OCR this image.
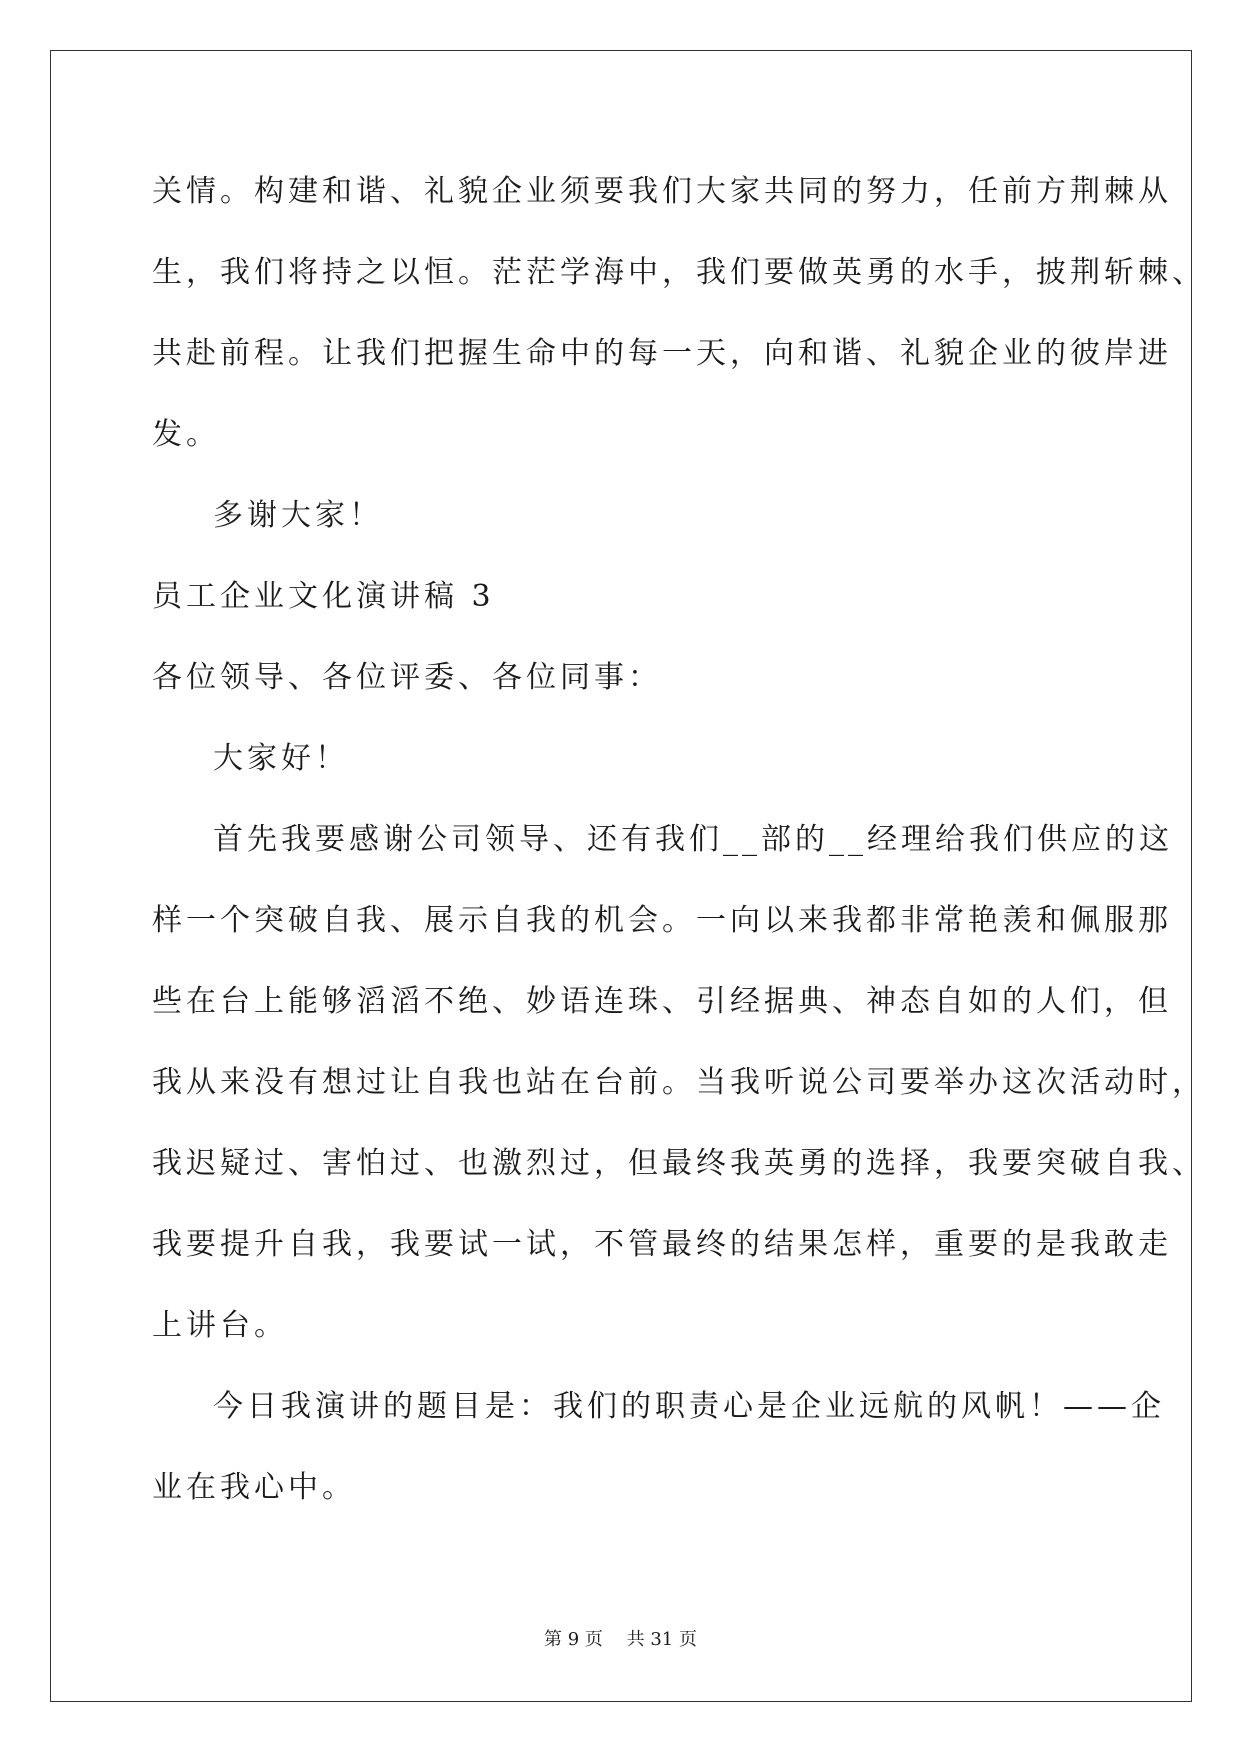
关情。构建和谐、礼貌企业须要我们大家共同的努力，任前方荆棘从
生，我们将持之以恒。茫茫学海中，我们要做英勇的水手，披荆斩棘、
共赴前程。让我们把握生命中的每一天，向和谐、礼貌企业的彼岸进
发。
多谢大家！
员工企业文化演讲稿 3
各位领导、各位评委、各位同事：
大家好！
首先我要感谢公司领导、还有我们__部的__经理给我们供应的这
样一个突破自我、展示自我的机会。一向以来我都非常艳羡和佩服那
些在台上能够滔滔不绝、妙语连珠、引经据典、神态自如的人们，但
我从来没有想过让自我也站在台前。当我听说公司要举办这次活动时，
我迟疑过、害怕过、也激烈过，但最终我英勇的选择，我要突破自我、
我要提升自我，我要试一试，不管最终的结果怎样，重要的是我敢走
上讲台。
今日我演讲的题目是：我们的职责心是企业远航的风帆！——企
业在我心中。
第 9 页　 共 31 页
